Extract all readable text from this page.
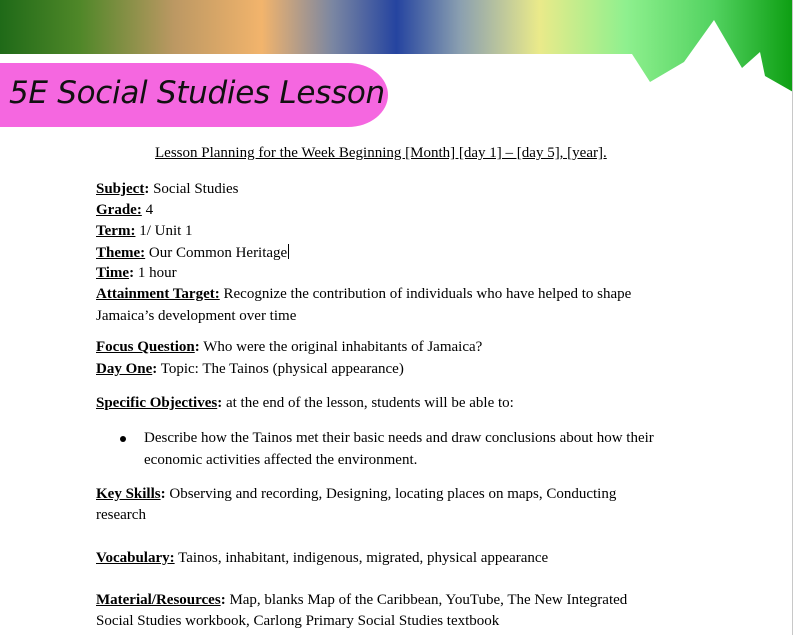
5E Social Studies Lesson
Lesson Planning for the Week Beginning [Month] [day 1] – [day 5], [year].
Subject: Social Studies
Grade: 4
Term: 1/ Unit 1
Theme: Our Common Heritage
Time: 1 hour
Attainment Target: Recognize the contribution of individuals who have helped to shape
Jamaica’s development over time
Focus Question: Who were the original inhabitants of Jamaica?
Day One: Topic: The Tainos (physical appearance)
Specific Objectives: at the end of the lesson, students will be able to:
Describe how the Tainos met their basic needs and draw conclusions about how their
economic activities affected the environment.
Key Skills: Observing and recording, Designing, locating places on maps, Conducting
research
Vocabulary: Tainos, inhabitant, indigenous, migrated, physical appearance
Material/Resources: Map, blanks Map of the Caribbean, YouTube, The New Integrated
Social Studies workbook, Carlong Primary Social Studies textbook
